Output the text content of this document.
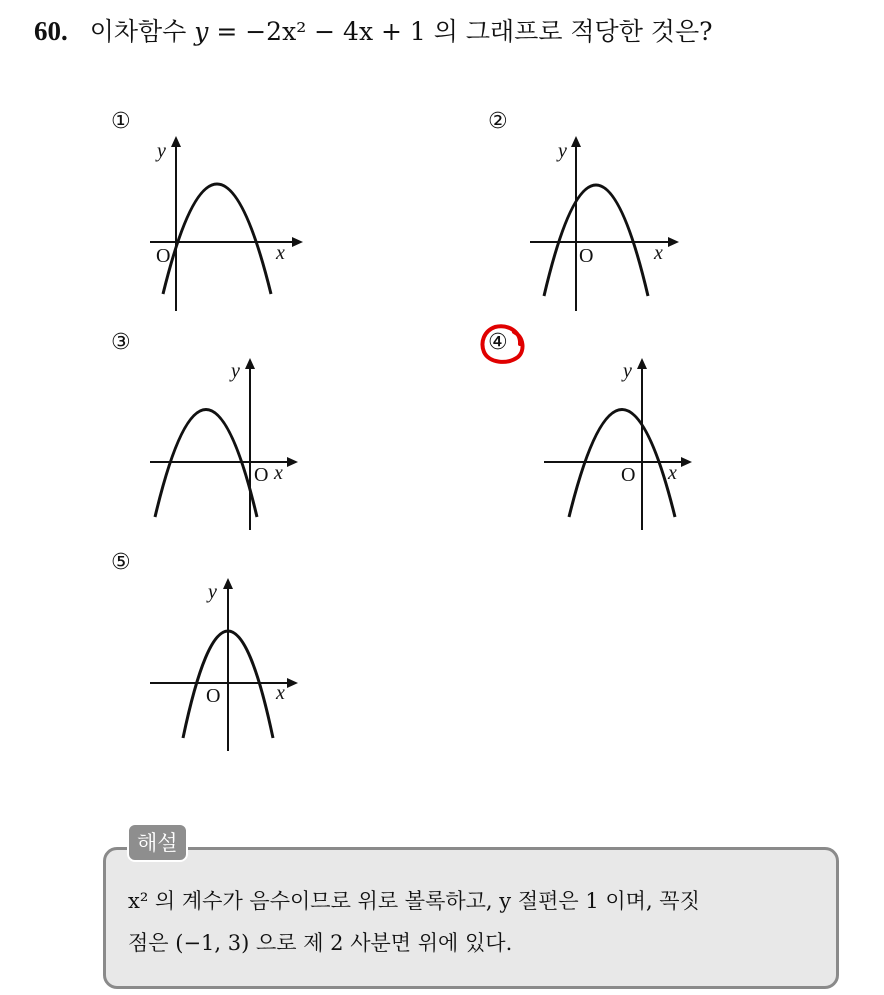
60. 이차함수 y = −2x² − 4x + 1 의 그래프로 적당한 것은?
①	②
③	④
⑤
O	x
y
O	x
y
O x
y
O x
y
O	x
y
해설
x² 의 계수가 음수이므로 위로 볼록하고, y 절편은 1 이며, 꼭짓
점은 (−1, 3) 으로 제 2 사분면 위에 있다.
